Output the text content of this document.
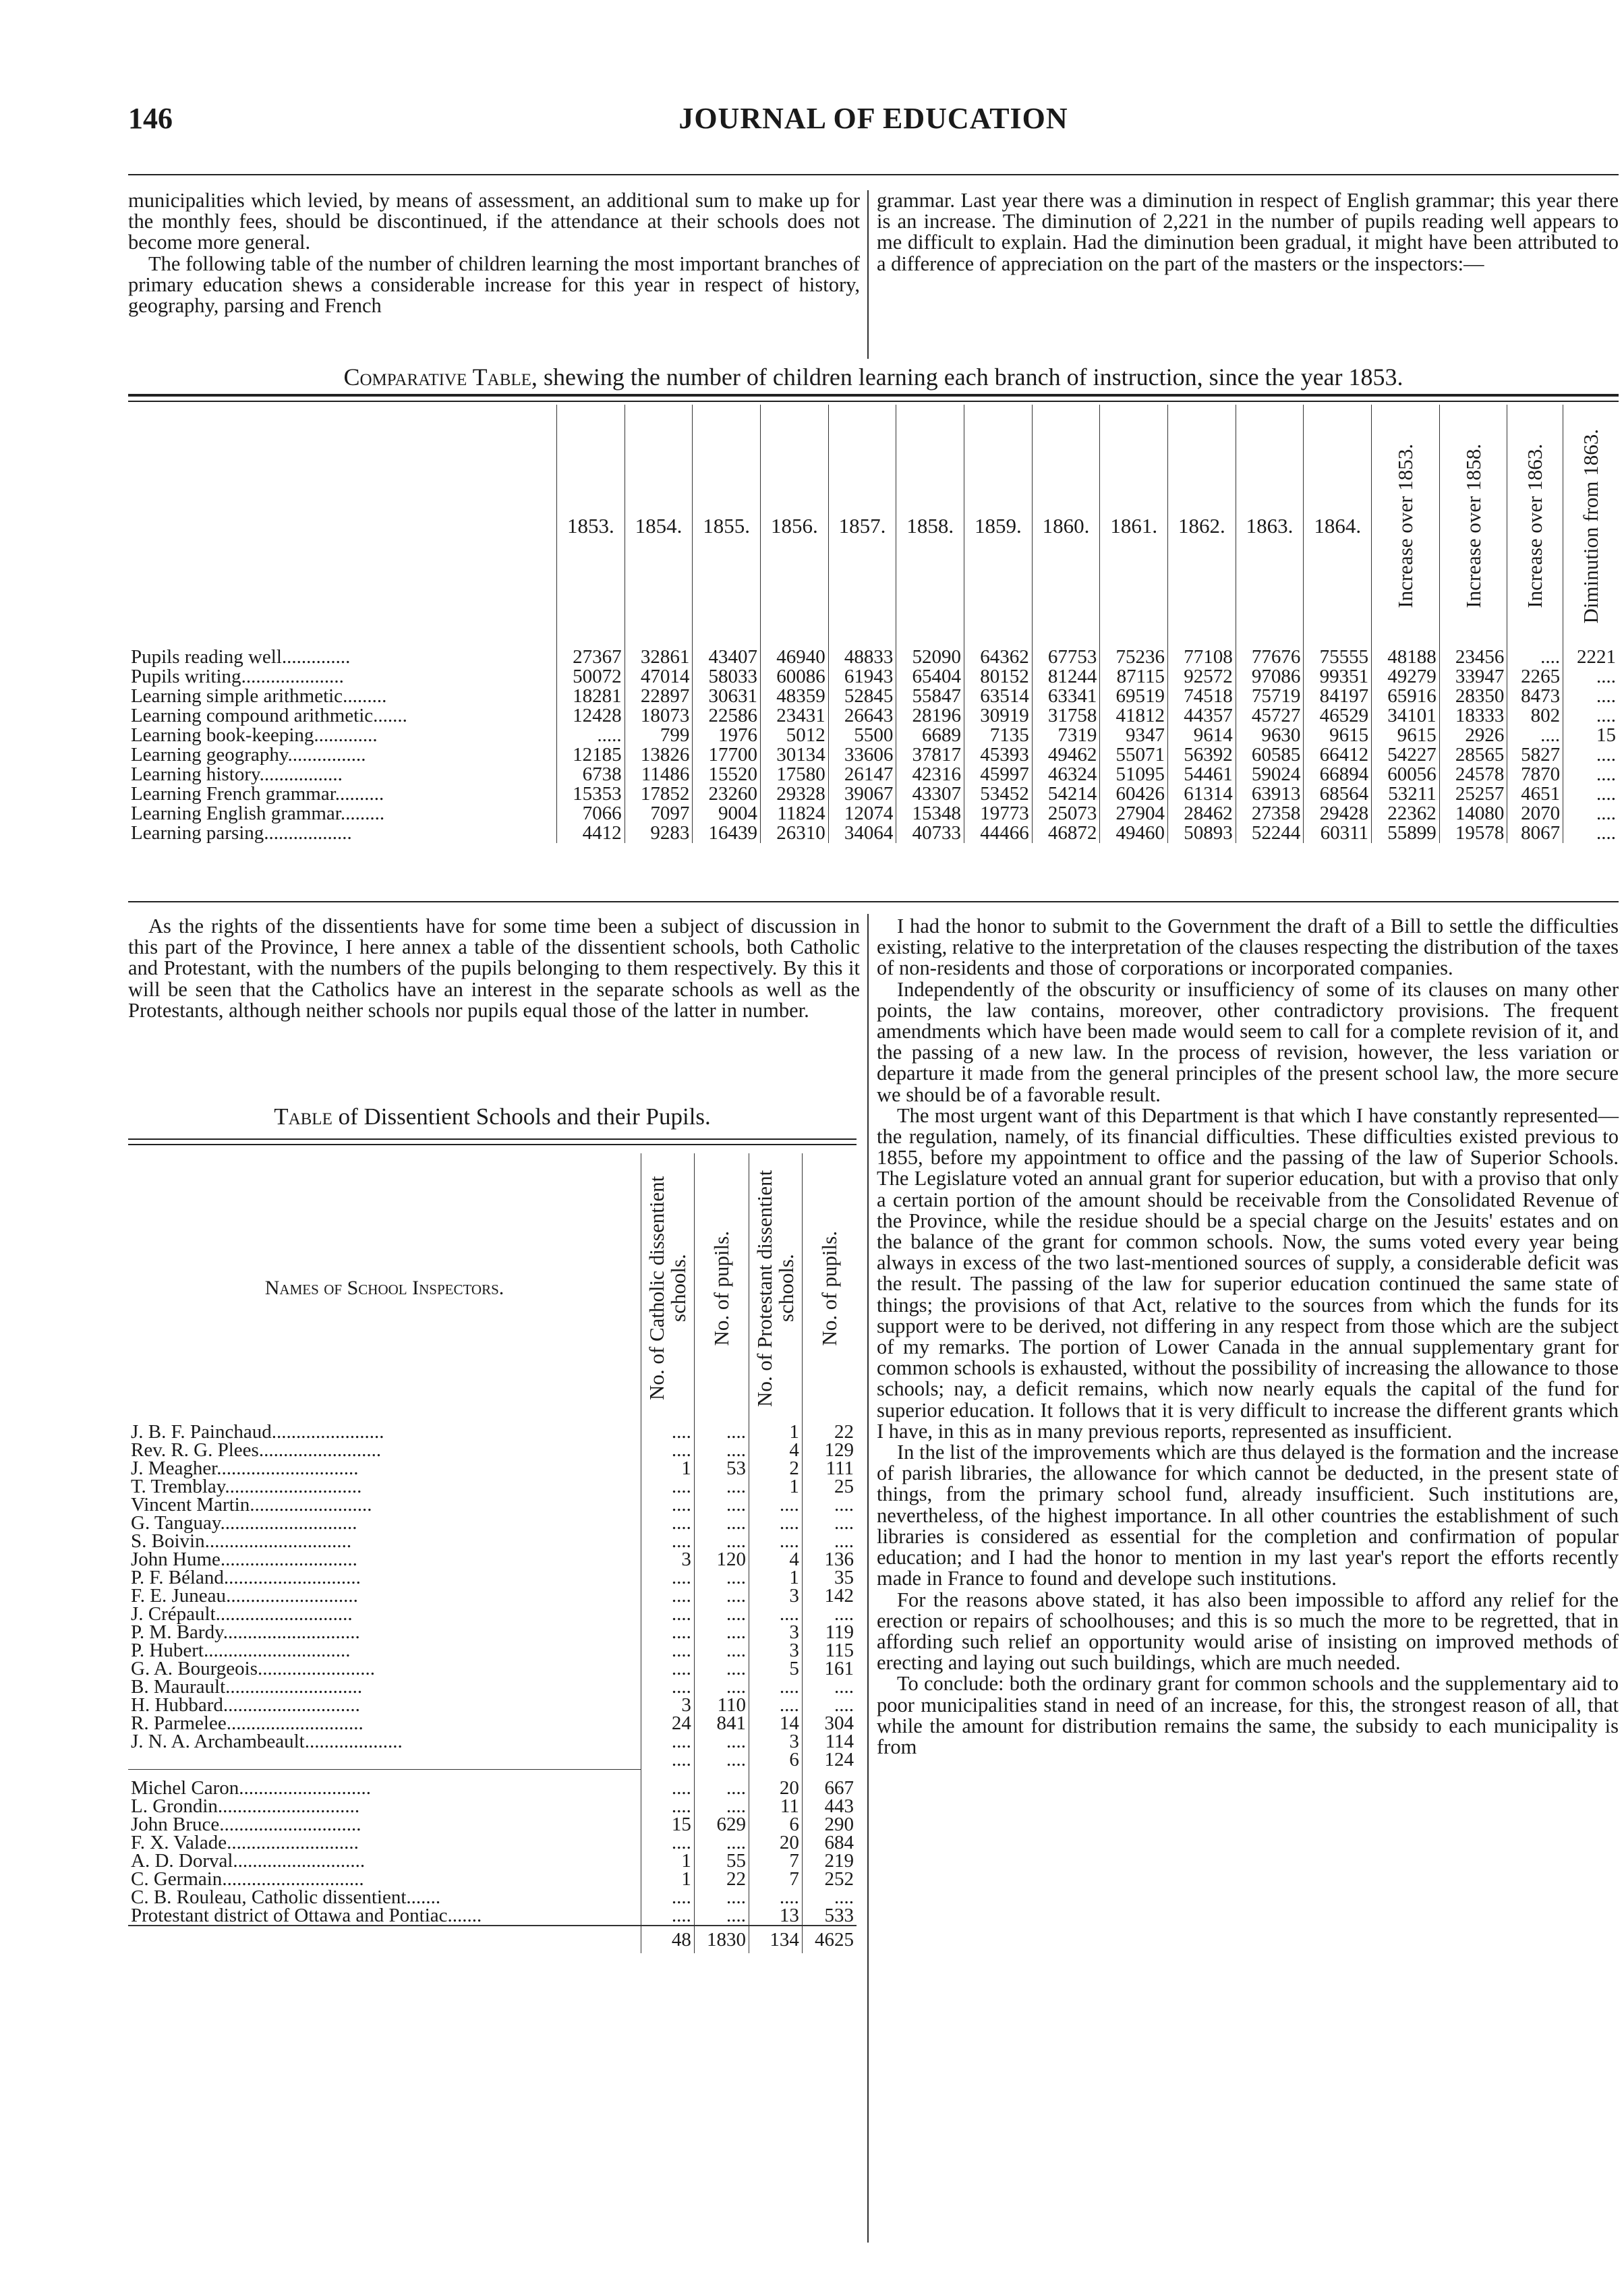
146	JOURNAL OF EDUCATION

municipalities which levied, by means of assessment, an additional sum to make up for the monthly fees, should be discontinued, if the attendance at their schools does not become more general.

The following table of the number of children learning the most important branches of primary education shews a considerable increase for this year in respect of history, geography, parsing and French

grammar. Last year there was a diminution in respect of English grammar; this year there is an increase. The diminution of 2,221 in the number of pupils reading well appears to me difficult to explain. Had the diminution been gradual, it might have been attributed to a difference of appreciation on the part of the masters or the inspectors:—

Comparative Table, shewing the number of children learning each branch of instruction, since the year 1853.
	1853.	1854.	1855.	1856.	1857.	1858.	1859.	1860.	1861.	1862.	1863.	1864.	Increase over 1853.	Increase over 1858.	Increase over 1863.	Diminution from 1863.

Pupils reading well..............	27367	32861	43407	46940	48833	52090	64362	67753	75236	77108	77676	75555	48188	23456	....	2221
Pupils writing.....................	50072	47014	58033	60086	61943	65404	80152	81244	87115	92572	97086	99351	49279	33947	2265	....
Learning simple arithmetic.........	18281	22897	30631	48359	52845	55847	63514	63341	69519	74518	75719	84197	65916	28350	8473	....
Learning compound arithmetic.......	12428	18073	22586	23431	26643	28196	30919	31758	41812	44357	45727	46529	34101	18333	802	....
Learning book-keeping.............	.....	799	1976	5012	5500	6689	7135	7319	9347	9614	9630	9615	9615	2926	....	15
Learning geography................	12185	13826	17700	30134	33606	37817	45393	49462	55071	56392	60585	66412	54227	28565	5827	....
Learning history.................	6738	11486	15520	17580	26147	42316	45997	46324	51095	54461	59024	66894	60056	24578	7870	....
Learning French grammar..........	15353	17852	23260	29328	39067	43307	53452	54214	60426	61314	63913	68564	53211	25257	4651	....
Learning English grammar.........	7066	7097	9004	11824	12074	15348	19773	25073	27904	28462	27358	29428	22362	14080	2070	....
Learning parsing..................	4412	9283	16439	26310	34064	40733	44466	46872	49460	50893	52244	60311	55899	19578	8067	....

As the rights of the dissentients have for some time been a subject of discussion in this part of the Province, I here annex a table of the dissentient schools, both Catholic and Protestant, with the numbers of the pupils belonging to them respectively. By this it will be seen that the Catholics have an interest in the separate schools as well as the Protestants, although neither schools nor pupils equal those of the latter in number.

Table of Dissentient Schools and their Pupils.
Names of School Inspectors.	No. of Catholic dissentient schools.	No. of pupils.	No. of Protestant dissentient schools.	No. of pupils.

J. B. F. Painchaud.......................	....	....	1	22
Rev. R. G. Plees.........................	....	....	4	129
J. Meagher.............................	1	53	2	111
T. Tremblay............................	....	....	1	25
Vincent Martin.........................	....	....	....	....
G. Tanguay............................	....	....	....	....
S. Boivin..............................	....	....	....	....
John Hume............................	3	120	4	136
P. F. Béland............................	....	....	1	35
F. E. Juneau...........................	....	....	3	142
J. Crépault............................	....	....	....	....
P. M. Bardy............................	....	....	3	119
P. Hubert..............................	....	....	3	115
G. A. Bourgeois........................	....	....	5	161
B. Maurault............................	....	....	....	....
H. Hubbard............................	3	110	....	....
R. Parmelee............................	24	841	14	304
J. N. A. Archambeault....................	....	....	3	114
	....	....	6	124

Michel Caron...........................	....	....	20	667
L. Grondin.............................	....	....	11	443
John Bruce.............................	15	629	6	290
F. X. Valade...........................	....	....	20	684
A. D. Dorval...........................	1	55	7	219
C. Germain.............................	1	22	7	252
C. B. Rouleau, Catholic dissentient.......	....	....	....	....
Protestant district of Ottawa and Pontiac.......	....	....	13	533
	48	1830	134	4625

I had the honor to submit to the Government the draft of a Bill to settle the difficulties existing, relative to the interpretation of the clauses respecting the distribution of the taxes of non-residents and those of corporations or incorporated companies.

Independently of the obscurity or insufficiency of some of its clauses on many other points, the law contains, moreover, other contradictory provisions. The frequent amendments which have been made would seem to call for a complete revision of it, and the passing of a new law. In the process of revision, however, the less variation or departure it made from the general principles of the present school law, the more secure we should be of a favorable result.

The most urgent want of this Department is that which I have constantly represented—the regulation, namely, of its financial difficulties. These difficulties existed previous to 1855, before my appointment to office and the passing of the law of Superior Schools. The Legislature voted an annual grant for superior education, but with a proviso that only a certain portion of the amount should be receivable from the Consolidated Revenue of the Province, while the residue should be a special charge on the Jesuits' estates and on the balance of the grant for common schools. Now, the sums voted every year being always in excess of the two last-mentioned sources of supply, a considerable deficit was the result. The passing of the law for superior education continued the same state of things; the provisions of that Act, relative to the sources from which the funds for its support were to be derived, not differing in any respect from those which are the subject of my remarks. The portion of Lower Canada in the annual supplementary grant for common schools is exhausted, without the possibility of increasing the allowance to those schools; nay, a deficit remains, which now nearly equals the capital of the fund for superior education. It follows that it is very difficult to increase the different grants which I have, in this as in many previous reports, represented as insufficient.

In the list of the improvements which are thus delayed is the formation and the increase of parish libraries, the allowance for which cannot be deducted, in the present state of things, from the primary school fund, already insufficient. Such institutions are, nevertheless, of the highest importance. In all other countries the establishment of such libraries is considered as essential for the completion and confirmation of popular education; and I had the honor to mention in my last year's report the efforts recently made in France to found and develope such institutions.

For the reasons above stated, it has also been impossible to afford any relief for the erection or repairs of schoolhouses; and this is so much the more to be regretted, that in affording such relief an opportunity would arise of insisting on improved methods of erecting and laying out such buildings, which are much needed.

To conclude: both the ordinary grant for common schools and the supplementary aid to poor municipalities stand in need of an increase, for this, the strongest reason of all, that while the amount for distribution remains the same, the subsidy to each municipality is from
